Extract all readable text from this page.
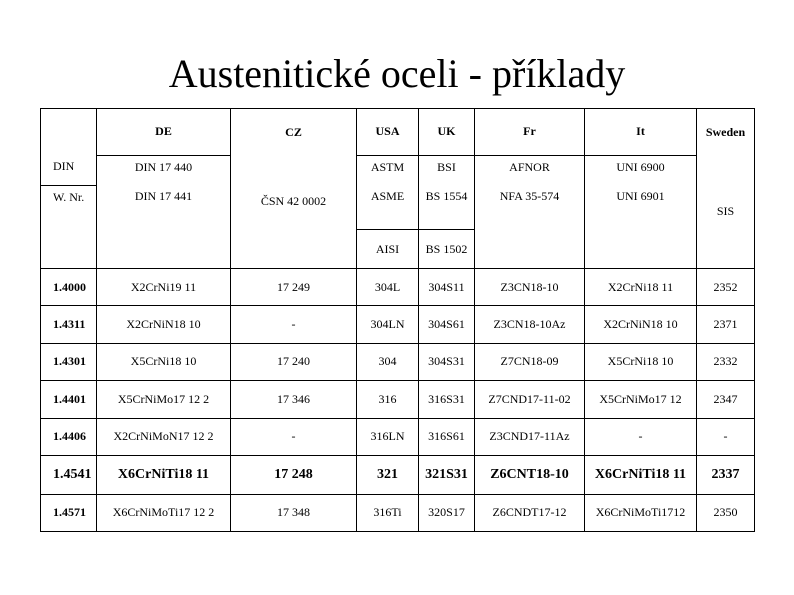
Austenitické oceli - příklady
	DE	CZ	USA	UK	Fr	It	Sweden
DIN	DIN 17 440	ČSN 42 0002	ASTM	BSI	AFNOR	UNI 6900	SIS
W. Nr.	DIN 17 441		ASME	BS 1554	NFA 35-574	UNI 6901	
			AISI	BS 1502			
1.4000	X2CrNi19 11	17 249	304L	304S11	Z3CN18-10	X2CrNi18 11	2352
1.4311	X2CrNiN18 10	-	304LN	304S61	Z3CN18-10Az	X2CrNiN18 10	2371
1.4301	X5CrNi18 10	17 240	304	304S31	Z7CN18-09	X5CrNi18 10	2332
1.4401	X5CrNiMo17 12 2	17 346	316	316S31	Z7CND17-11-02	X5CrNiMo17 12	2347
1.4406	X2CrNiMoN17 12 2	-	316LN	316S61	Z3CND17-11Az	-	-
1.4541	X6CrNiTi18 11	17 248	321	321S31	Z6CNT18-10	X6CrNiTi18 11	2337
1.4571	X6CrNiMoTi17 12 2	17 348	316Ti	320S17	Z6CNDT17-12	X6CrNiMoTi1712	2350
